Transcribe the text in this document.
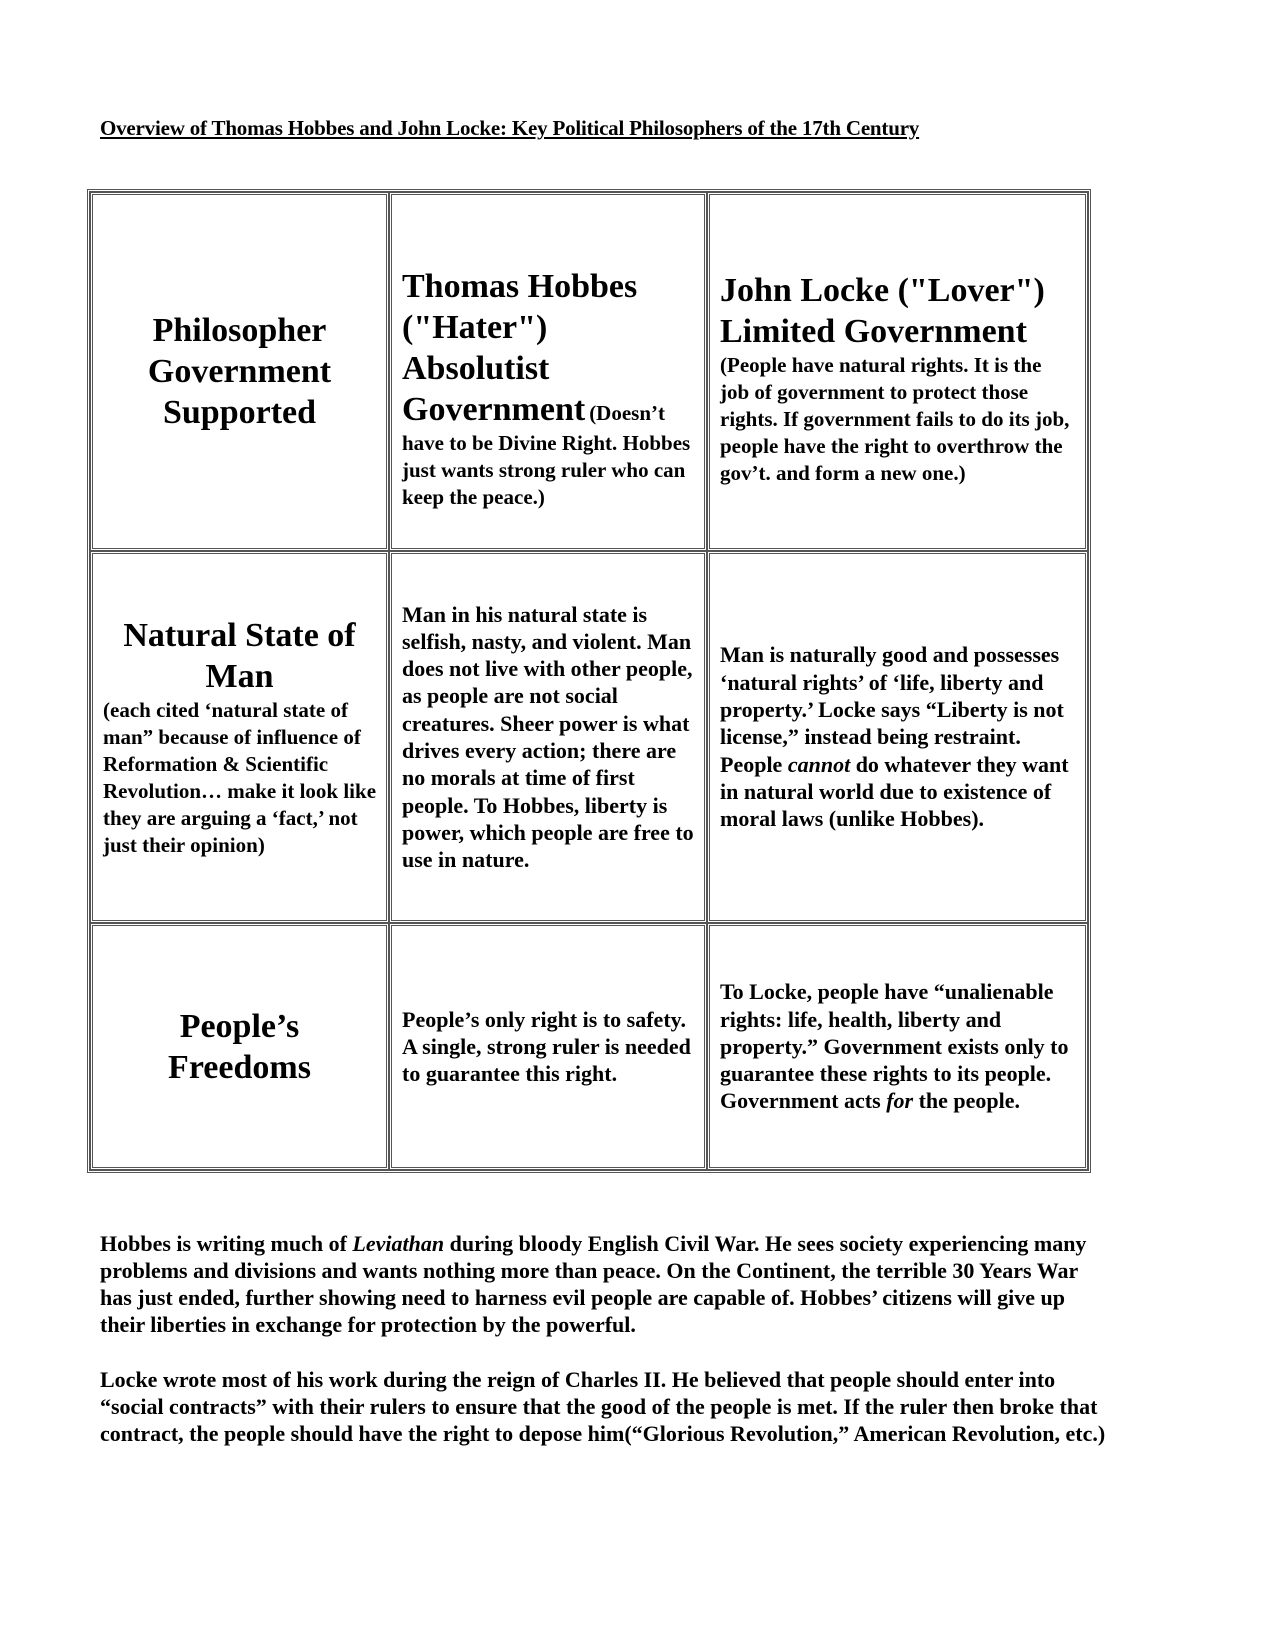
Overview of Thomas Hobbes and John Locke: Key Political Philosophers of the 17th Century
Philosopher Government Supported
Thomas Hobbes ("Hater") Absolutist Government (Doesn’t have to be Divine Right. Hobbes just wants strong ruler who can keep the peace.)
John Locke ("Lover") Limited Government
(People have natural rights. It is the job of government to protect those rights. If government fails to do its job, people have the right to overthrow the gov’t. and form a new one.)
Natural State of Man
(each cited ‘natural state of man” because of influence of Reformation & Scientific Revolution… make it look like they are arguing a ‘fact,’ not just their opinion)
Man in his natural state is selfish, nasty, and violent. Man does not live with other people, as people are not social creatures. Sheer power is what drives every action; there are no morals at time of first people. To Hobbes, liberty is power, which people are free to use in nature.
Man is naturally good and possesses ‘natural rights’ of ‘life, liberty and property.’ Locke says “Liberty is not license,” instead being restraint. People cannot do whatever they want in natural world due to existence of moral laws (unlike Hobbes).
People’s Freedoms
People’s only right is to safety. A single, strong ruler is needed to guarantee this right.
To Locke, people have “unalienable rights: life, health, liberty and property.” Government exists only to guarantee these rights to its people. Government acts for the people.
Hobbes is writing much of Leviathan during bloody English Civil War. He sees society experiencing many problems and divisions and wants nothing more than peace. On the Continent, the terrible 30 Years War has just ended, further showing need to harness evil people are capable of. Hobbes’ citizens will give up their liberties in exchange for protection by the powerful.
Locke wrote most of his work during the reign of Charles II. He believed that people should enter into “social contracts” with their rulers to ensure that the good of the people is met. If the ruler then broke that contract, the people should have the right to depose him(“Glorious Revolution,” American Revolution, etc.)
